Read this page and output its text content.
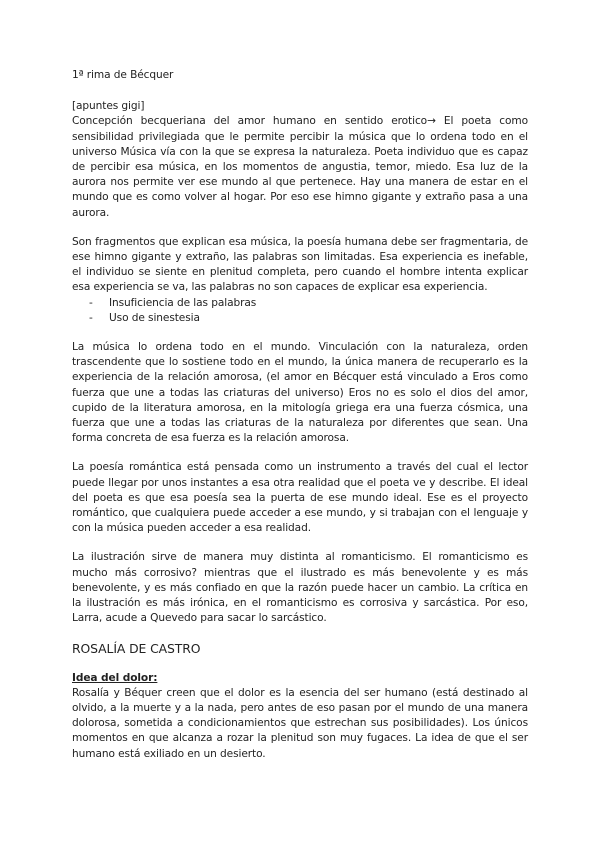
1ª rima de Bécquer

[apuntes gigi]

Concepción becqueriana del amor humano en sentido erotico→ El poeta como sensibilidad privilegiada que le permite percibir la música que lo ordena todo en el universo Música vía con la que se expresa la naturaleza. Poeta individuo que es capaz de percibir esa música, en los momentos de angustia, temor, miedo. Esa luz de la aurora nos permite ver ese mundo al que pertenece. Hay una manera de estar en el mundo que es como volver al hogar. Por eso ese himno gigante y extraño pasa a una aurora.

Son fragmentos que explican esa música, la poesía humana debe ser fragmentaria, de ese himno gigante y extraño, las palabras son limitadas. Esa experiencia es inefable, el individuo se siente en plenitud completa, pero cuando el hombre intenta explicar esa experiencia se va, las palabras no son capaces de explicar esa experiencia.

- Insuficiencia de las palabras
- Uso de sinestesia

La música lo ordena todo en el mundo. Vinculación con la naturaleza, orden trascendente que lo sostiene todo en el mundo, la única manera de recuperarlo es la experiencia de la relación amorosa, (el amor en Bécquer está vinculado a Eros como fuerza que une a todas las criaturas del universo) Eros no es solo el dios del amor, cupido de la literatura amorosa, en la mitología griega era una fuerza cósmica, una fuerza que une a todas las criaturas de la naturaleza por diferentes que sean. Una forma concreta de esa fuerza es la relación amorosa.

La poesía romántica está pensada como un instrumento a través del cual el lector puede llegar por unos instantes a esa otra realidad que el poeta ve y describe. El ideal del poeta es que esa poesía sea la puerta de ese mundo ideal. Ese es el proyecto romántico, que cualquiera puede acceder a ese mundo, y si trabajan con el lenguaje y con la música pueden acceder a esa realidad.

La ilustración sirve de manera muy distinta al romanticismo. El romanticismo es mucho más corrosivo? mientras que el ilustrado es más benevolente y es más benevolente, y es más confiado en que la razón puede hacer un cambio. La crítica en la ilustración es más irónica, en el romanticismo es corrosiva y sarcástica. Por eso, Larra, acude a Quevedo para sacar lo sarcástico.

ROSALÍA DE CASTRO

Idea del dolor:

Rosalía y Béquer creen que el dolor es la esencia del ser humano (está destinado al olvido, a la muerte y a la nada, pero antes de eso pasan por el mundo de una manera dolorosa, sometida a condicionamientos que estrechan sus posibilidades). Los únicos momentos en que alcanza a rozar la plenitud son muy fugaces. La idea de que el ser humano está exiliado en un desierto.
